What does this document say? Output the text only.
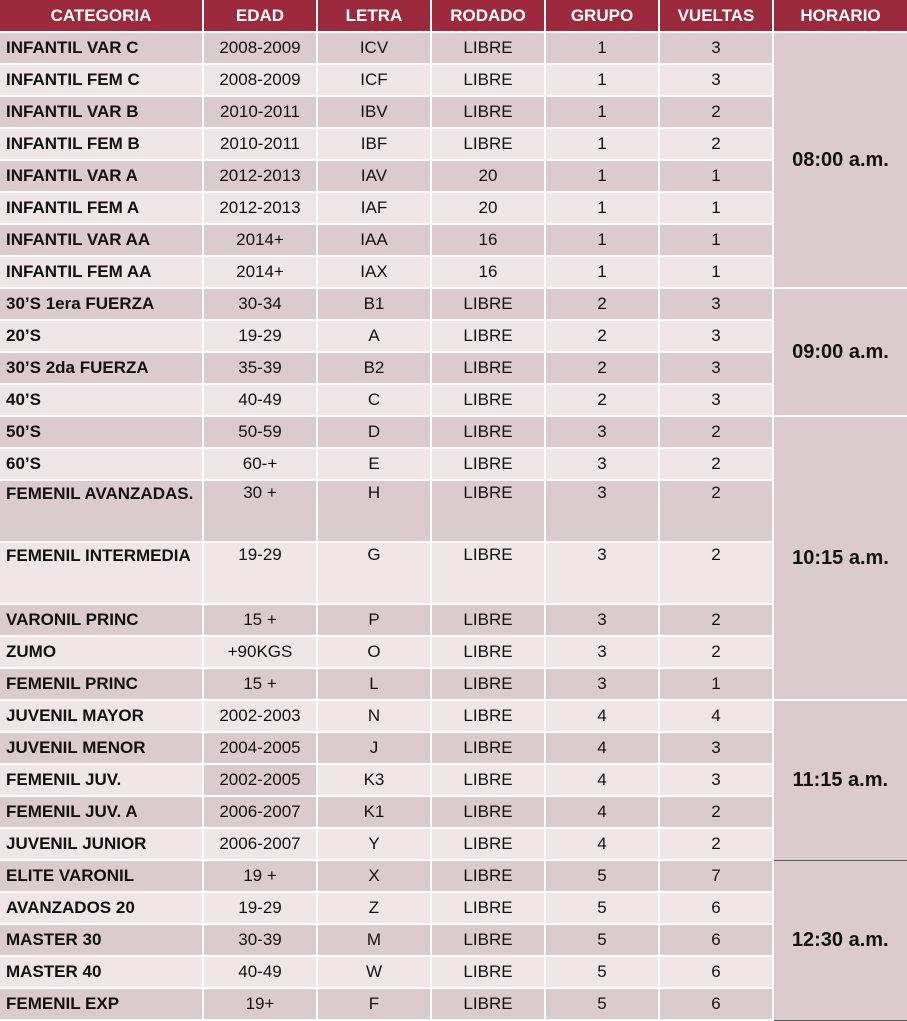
CATEGORIA	EDAD	LETRA	RODADO	GRUPO	VUELTAS	HORARIO
INFANTIL VAR C	2008-2009	ICV	LIBRE	1	3	08:00 a.m.
INFANTIL FEM C	2008-2009	ICF	LIBRE	1	3	
INFANTIL VAR B	2010-2011	IBV	LIBRE	1	2	
INFANTIL FEM B	2010-2011	IBF	LIBRE	1	2	
INFANTIL VAR A	2012-2013	IAV	20	1	1	
INFANTIL FEM A	2012-2013	IAF	20	1	1	
INFANTIL VAR AA	2014+	IAA	16	1	1	
INFANTIL FEM AA	2014+	IAX	16	1	1	
30’S 1era FUERZA	30-34	B1	LIBRE	2	3	09:00 a.m.
20’S	19-29	A	LIBRE	2	3	
30’S 2da FUERZA	35-39	B2	LIBRE	2	3	
40’S	40-49	C	LIBRE	2	3	
50’S	50-59	D	LIBRE	3	2	10:15 a.m.
60’S	60-+	E	LIBRE	3	2	
FEMENIL AVANZADAS.	30 +	H	LIBRE	3	2	
FEMENIL INTERMEDIA	19-29	G	LIBRE	3	2	
VARONIL PRINC	15 +	P	LIBRE	3	2	
ZUMO	+90KGS	O	LIBRE	3	2	
FEMENIL PRINC	15 +	L	LIBRE	3	1	
JUVENIL MAYOR	2002-2003	N	LIBRE	4	4	11:15 a.m.
JUVENIL MENOR	2004-2005	J	LIBRE	4	3	
FEMENIL JUV.	2002-2005	K3	LIBRE	4	3	
FEMENIL JUV. A	2006-2007	K1	LIBRE	4	2	
JUVENIL JUNIOR	2006-2007	Y	LIBRE	4	2	
ELITE VARONIL	19 +	X	LIBRE	5	7	12:30 a.m.
AVANZADOS 20	19-29	Z	LIBRE	5	6	
MASTER 30	30-39	M	LIBRE	5	6	
MASTER 40	40-49	W	LIBRE	5	6	
FEMENIL EXP	19+	F	LIBRE	5	6	
